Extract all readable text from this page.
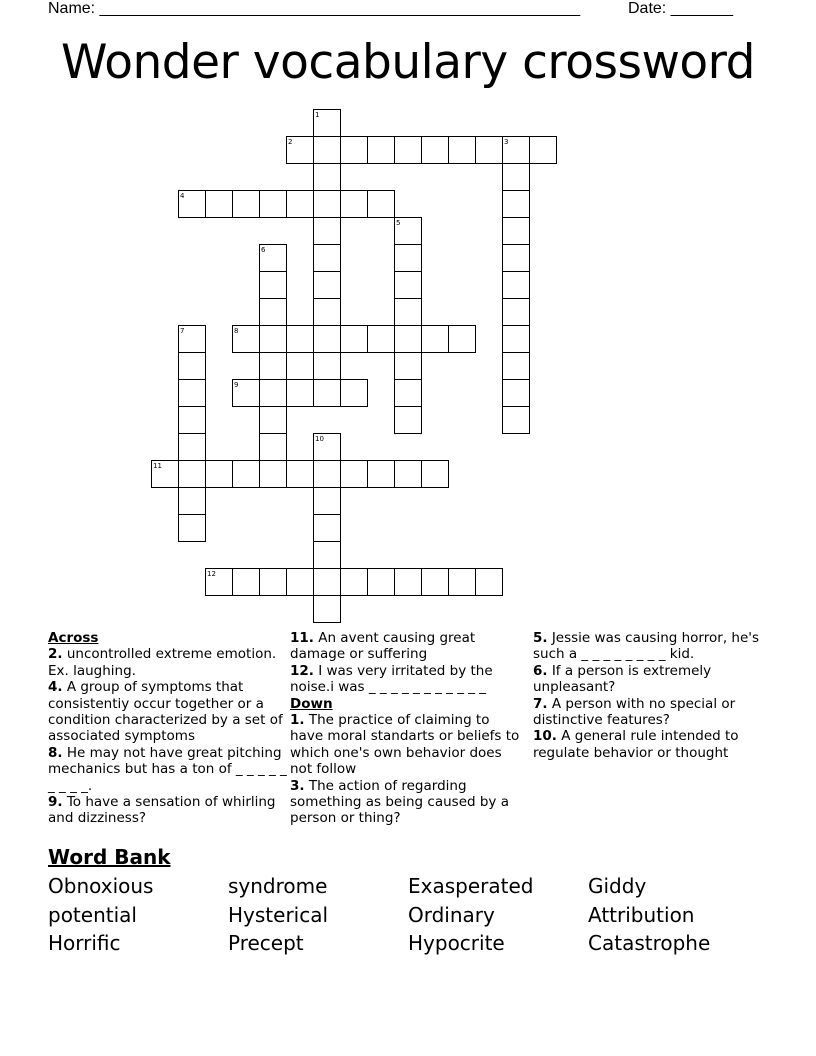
Name: ______________________________________________________	Date: _______
Wonder vocabulary crossword
1
2	3
4
5
6
7	8
9
10
11
12
Across
2. uncontrolled extreme emotion. Ex. laughing.
4. A group of symptoms that consistentiy occur together or a condition characterized by a set of associated symptoms
8. He may not have great pitching mechanics but has a ton of _ _ _ _ _ _ _ _ _.
9. To have a sensation of whirling and dizziness?
11. An avent causing great damage or suffering
12. I was very irritated by the noise.i was _ _ _ _ _ _ _ _ _ _ _
Down
1. The practice of claiming to have moral standarts or beliefs to which one's own behavior does not follow
3. The action of regarding something as being caused by a person or thing?
5. Jessie was causing horror, he's such a _ _ _ _ _ _ _ _ kid.
6. If a person is extremely unpleasant?
7. A person with no special or distinctive features?
10. A general rule intended to regulate behavior or thought
Word Bank
Obnoxious	syndrome	Exasperated	Giddy
potential	Hysterical	Ordinary	Attribution
Horrific	Precept	Hypocrite	Catastrophe
